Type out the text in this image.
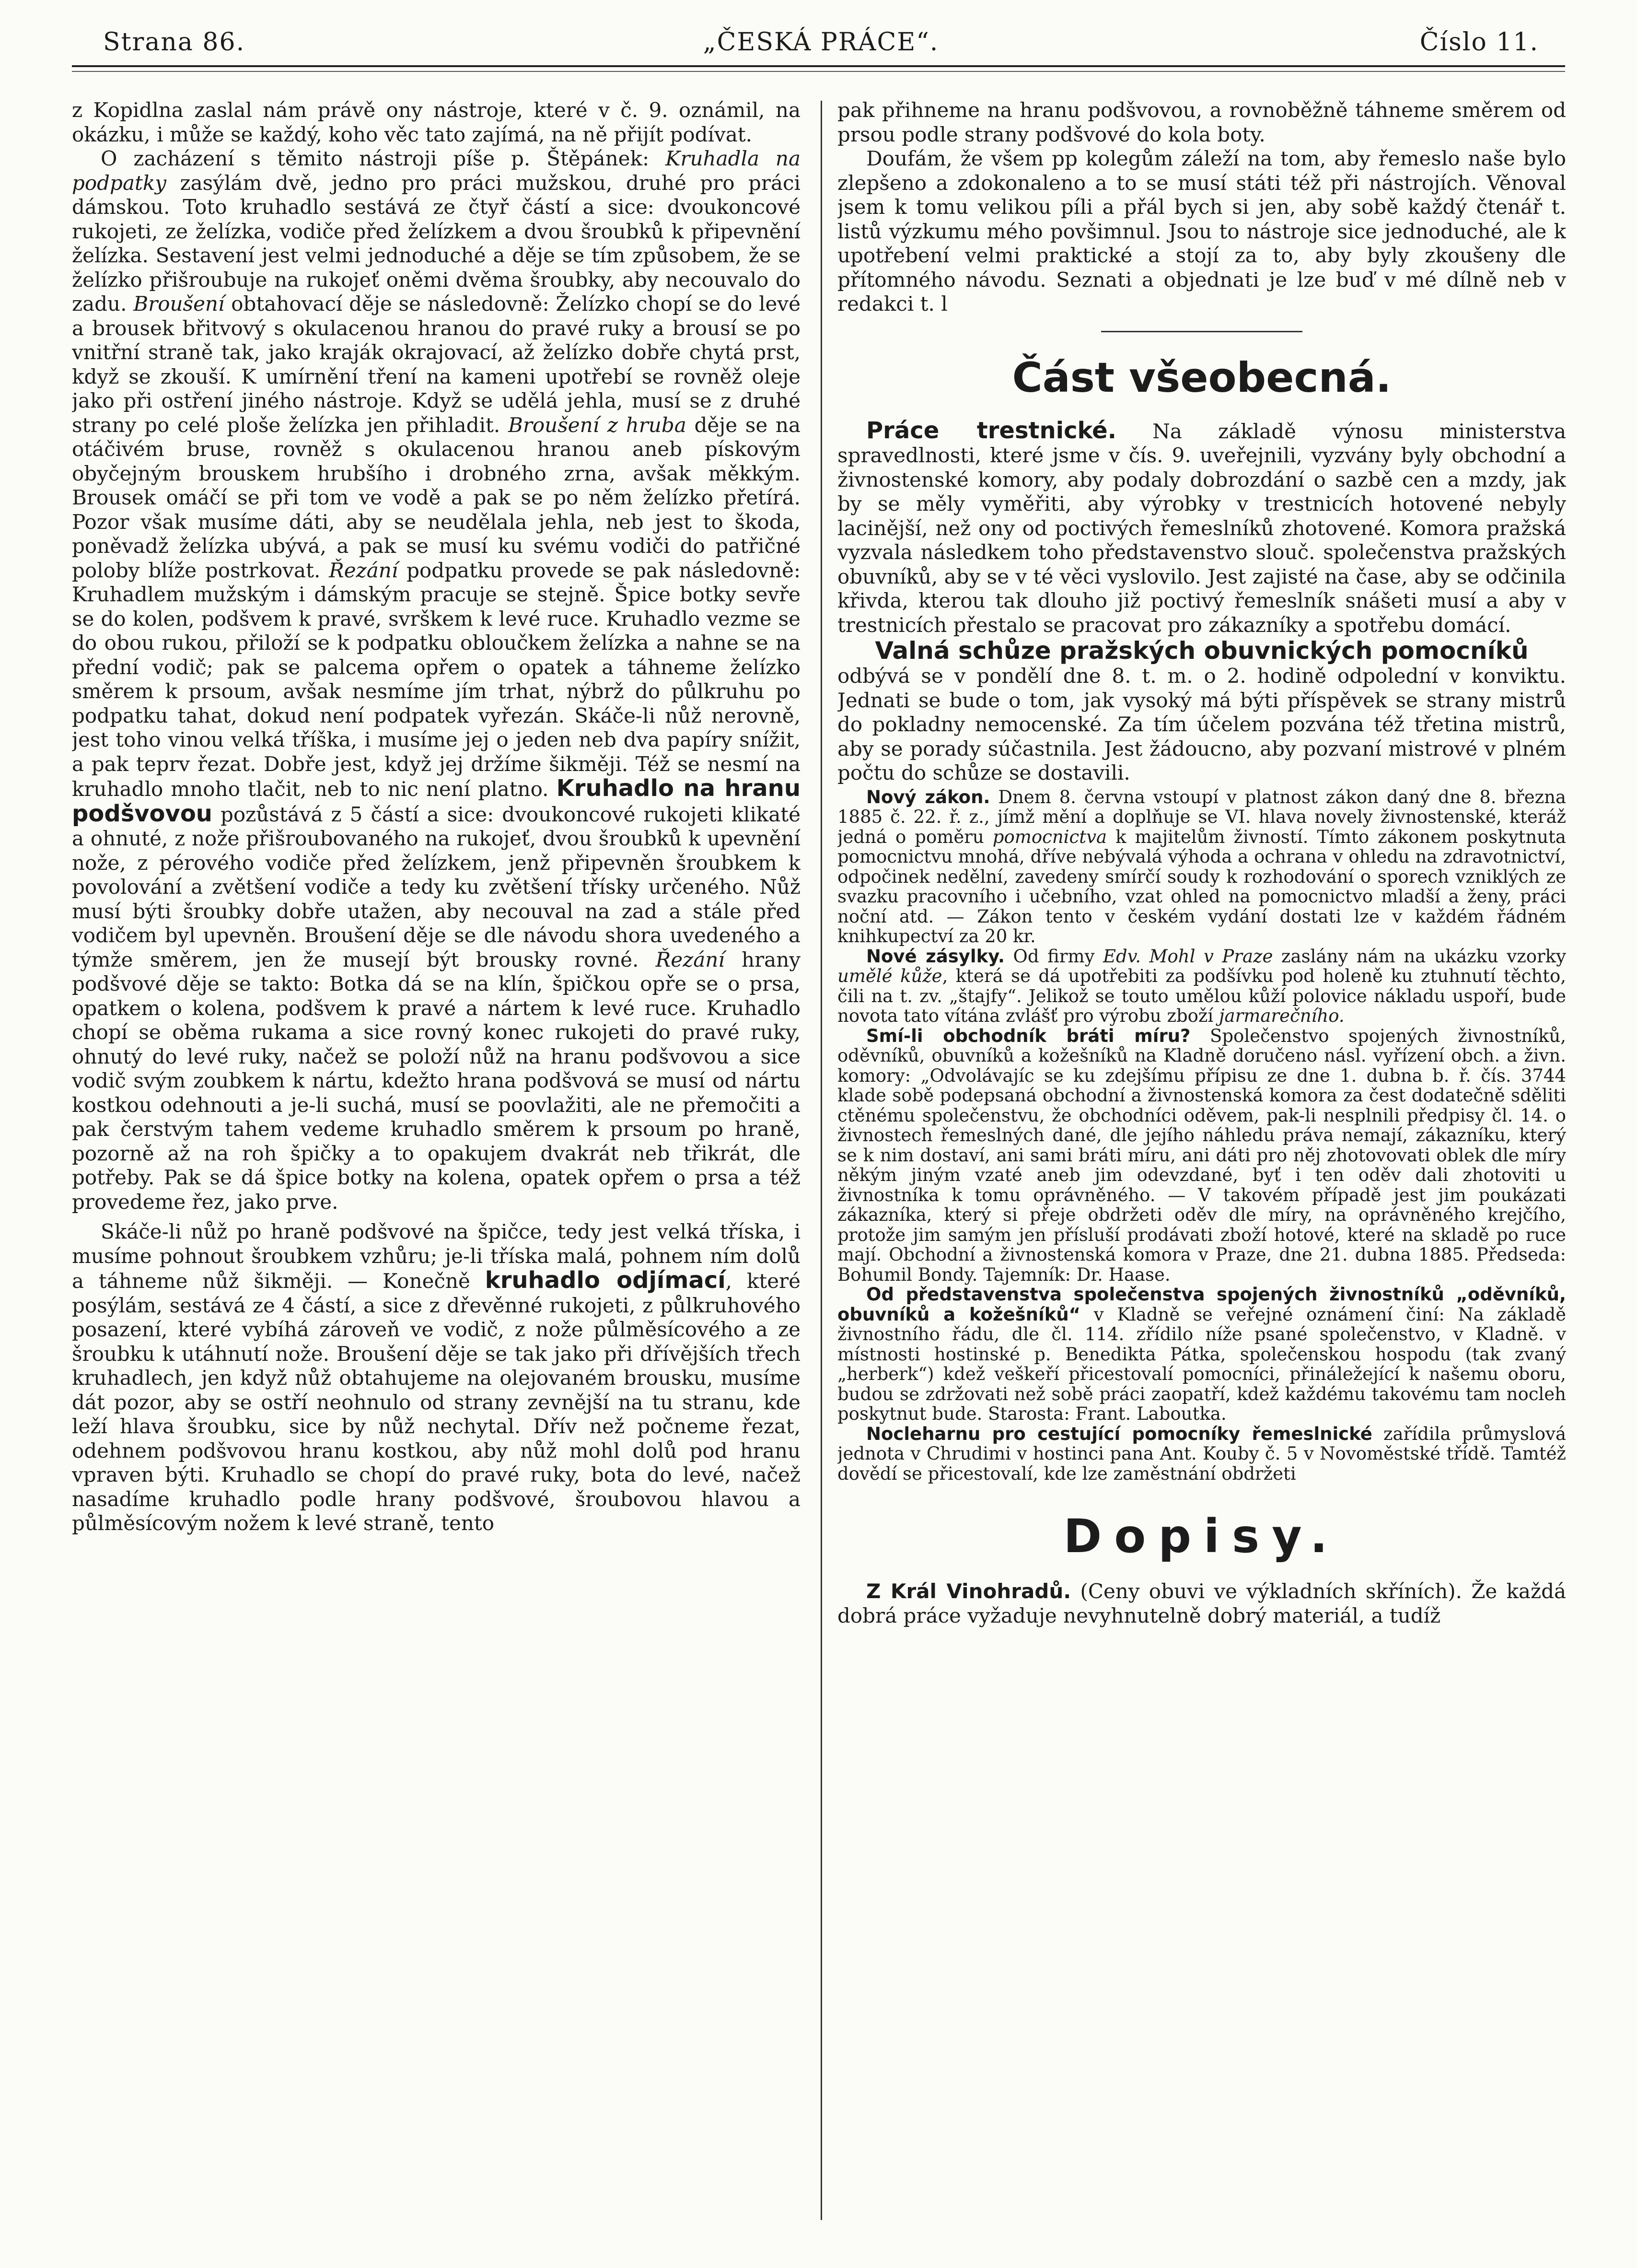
Strana 86.	„ČESKÁ PRÁCE“.	Číslo 11.

z Kopidlna zaslal nám právě ony nástroje, které v č. 9. oznámil, na okázku, i může se každý, koho věc tato zajímá, na ně přijít podívat.

O zacházení s těmito nástroji píše p. Štěpánek: Kruhadla na podpatky zasýlám dvě, jedno pro práci mužskou, druhé pro práci dámskou. Toto kruhadlo sestává ze čtyř částí a sice: dvoukoncové rukojeti, ze želízka, vodiče před želízkem a dvou šroubků k připevnění želízka. Sestavení jest velmi jednoduché a děje se tím způsobem, že se želízko přišroubuje na rukojeť oněmi dvěma šroubky, aby necouvalo do zadu. Broušení obtahovací děje se následovně: Želízko chopí se do levé a brousek břitvový s okulacenou hranou do pravé ruky a brousí se po vnitřní straně tak, jako kraják okrajovací, až želízko dobře chytá prst, když se zkouší. K umírnění tření na kameni upotřebí se rovněž oleje jako při ostření jiného nástroje. Když se udělá jehla, musí se z druhé strany po celé ploše želízka jen přihladit. Broušení z hruba děje se na otáčivém bruse, rovněž s okulacenou hranou aneb pískovým obyčejným brouskem hrubšího i drobného zrna, avšak měkkým. Brousek omáčí se při tom ve vodě a pak se po něm želízko přetírá. Pozor však musíme dáti, aby se neudělala jehla, neb jest to škoda, poněvadž želízka ubývá, a pak se musí ku svému vodiči do patřičné poloby blíže postrkovat. Řezání podpatku provede se pak následovně: Kruhadlem mužským i dámským pracuje se stejně. Špice botky sevře se do kolen, podšvem k pravé, svrškem k levé ruce. Kruhadlo vezme se do obou rukou, přiloží se k podpatku obloučkem želízka a nahne se na přední vodič; pak se palcema opřem o opatek a táhneme želízko směrem k prsoum, avšak nesmíme jím trhat, nýbrž do půlkruhu po podpatku tahat, dokud není podpatek vyřezán. Skáče-li nůž nerovně, jest toho vinou velká tříška, i musíme jej o jeden neb dva papíry snížit, a pak teprv řezat. Dobře jest, když jej držíme šikměji. Též se nesmí na kruhadlo mnoho tlačit, neb to nic není platno. Kruhadlo na hranu podšvovou pozůstává z 5 částí a sice: dvoukoncové rukojeti klikaté a ohnuté, z nože přišroubovaného na rukojeť, dvou šroubků k upevnění nože, z pérového vodiče před želízkem, jenž připevněn šroubkem k povolování a zvětšení vodiče a tedy ku zvětšení třísky určeného. Nůž musí býti šroubky dobře utažen, aby necouval na zad a stále před vodičem byl upevněn. Broušení děje se dle návodu shora uvedeného a týmže směrem, jen že musejí být brousky rovné. Řezání hrany podšvové děje se takto: Botka dá se na klín, špičkou opře se o prsa, opatkem o kolena, podšvem k pravé a nártem k levé ruce. Kruhadlo chopí se oběma rukama a sice rovný konec rukojeti do pravé ruky, ohnutý do levé ruky, načež se položí nůž na hranu podšvovou a sice vodič svým zoubkem k nártu, kdežto hrana podšvová se musí od nártu kostkou odehnouti a je-li suchá, musí se poovlažiti, ale ne přemočiti a pak čerstvým tahem vedeme kruhadlo směrem k prsoum po hraně, pozorně až na roh špičky a to opakujem dvakrát neb třikrát, dle potřeby. Pak se dá špice botky na kolena, opatek opřem o prsa a též provedeme řez, jako prve.

Skáče-li nůž po hraně podšvové na špičce, tedy jest velká tříska, i musíme pohnout šroubkem vzhůru; je-li tříska malá, pohnem ním dolů a táhneme nůž šikměji. — Konečně kruhadlo odjímací, které posýlám, sestává ze 4 částí, a sice z dřevěnné rukojeti, z půlkruhového posazení, které vybíhá zároveň ve vodič, z nože půlměsícového a ze šroubku k utáhnutí nože. Broušení děje se tak jako při dřívějších třech kruhadlech, jen když nůž obtahujeme na olejovaném brousku, musíme dát pozor, aby se ostří neohnulo od strany zevnější na tu stranu, kde leží hlava šroubku, sice by nůž nechytal. Dřív než počneme řezat, odehnem podšvovou hranu kostkou, aby nůž mohl dolů pod hranu vpraven býti. Kruhadlo se chopí do pravé ruky, bota do levé, načež nasadíme kruhadlo podle hrany podšvové, šroubovou hlavou a půlměsícovým nožem k levé straně, tento

pak přihneme na hranu podšvovou, a rovnoběžně táhneme směrem od prsou podle strany podšvové do kola boty.

Doufám, že všem pp kolegům záleží na tom, aby řemeslo naše bylo zlepšeno a zdokonaleno a to se musí státi též při nástrojích. Věnoval jsem k tomu velikou píli a přál bych si jen, aby sobě každý čtenář t. listů výzkumu mého povšimnul. Jsou to nástroje sice jednoduché, ale k upotřebení velmi praktické a stojí za to, aby byly zkoušeny dle přítomného návodu. Seznati a objednati je lze buď v mé dílně neb v redakci t. l

Část všeobecná.

Práce trestnické. Na základě výnosu ministerstva spravedlnosti, které jsme v čís. 9. uveřejnili, vyzvány byly obchodní a živnostenské komory, aby podaly dobrozdání o sazbě cen a mzdy, jak by se měly vyměřiti, aby výrobky v trestnicích hotovené nebyly lacinější, než ony od poctivých řemeslníků zhotovené. Komora pražská vyzvala následkem toho představenstvo slouč. společenstva pražských obuvníků, aby se v té věci vyslovilo. Jest zajisté na čase, aby se odčinila křivda, kterou tak dlouho již poctivý řemeslník snášeti musí a aby v trestnicích přestalo se pracovat pro zákazníky a spotřebu domácí.

Valná schůze pražských obuvnických pomocníků

odbývá se v pondělí dne 8. t. m. o 2. hodině odpolední v konviktu. Jednati se bude o tom, jak vysoký má býti příspěvek se strany mistrů do pokladny nemocenské. Za tím účelem pozvána též třetina mistrů, aby se porady súčastnila. Jest žádoucno, aby pozvaní mistrové v plném počtu do schůze se dostavili.

Nový zákon. Dnem 8. června vstoupí v platnost zákon daný dne 8. března 1885 č. 22. ř. z., jímž mění a doplňuje se VI. hlava novely živnostenské, kteráž jedná o poměru pomocnictva k majitelům živností. Tímto zákonem poskytnuta pomocnictvu mnohá, dříve nebývalá výhoda a ochrana v ohledu na zdravotnictví, odpočinek nedělní, zavedeny smírčí soudy k rozhodování o sporech vzniklých ze svazku pracovního i učebního, vzat ohled na pomocnictvo mladší a ženy, práci noční atd. — Zákon tento v českém vydání dostati lze v každém řádném knihkupectví za 20 kr.

Nové zásylky. Od firmy Edv. Mohl v Praze zaslány nám na ukázku vzorky umělé kůže, která se dá upotřebiti za podšívku pod holeně ku ztuhnutí těchto, čili na t. zv. „štajfy“. Jelikož se touto umělou kůží polovice nákladu uspoří, bude novota tato vítána zvlášť pro výrobu zboží jarmarečního.

Smí-li obchodník bráti míru? Společenstvo spojených živnostníků, oděvníků, obuvníků a kožešníků na Kladně doručeno násl. vyřízení obch. a živn. komory: „Odvolávajíc se ku zdejšímu přípisu ze dne 1. dubna b. ř. čís. 3744 klade sobě podepsaná obchodní a živnostenská komora za čest dodatečně sděliti ctěnému společenstvu, že obchodníci oděvem, pak-li nesplnili předpisy čl. 14. o živnostech řemeslných dané, dle jejího náhledu práva nemají, zákazníku, který se k nim dostaví, ani sami bráti míru, ani dáti pro něj zhotovovati oblek dle míry někým jiným vzaté aneb jim odevzdané, byť i ten oděv dali zhotoviti u živnostníka k tomu oprávněného. — V takovém případě jest jim poukázati zákazníka, který si přeje obdržeti oděv dle míry, na oprávněného krejčího, protože jim samým jen přísluší prodávati zboží hotové, které na skladě po ruce mají. Obchodní a živnostenská komora v Praze, dne 21. dubna 1885. Předseda: Bohumil Bondy. Tajemník: Dr. Haase.

Od představenstva společenstva spojených živnostníků „oděvníků, obuvníků a kožešníků“ v Kladně se veřejné oznámení činí: Na základě živnostního řádu, dle čl. 114. zřídilo níže psané společenstvo, v Kladně. v místnosti hostinské p. Benedikta Pátka, společenskou hospodu (tak zvaný „herberk“) kdež veškeří přicestovalí pomocníci, přináležející k našemu oboru, budou se zdržovati než sobě práci zaopatří, kdež každému takovému tam nocleh poskytnut bude. Starosta: Frant. Laboutka.

Nocleharnu pro cestující pomocníky řemeslnické zařídila průmyslová jednota v Chrudimi v hostinci pana Ant. Kouby č. 5 v Novoměstské třídě. Tamtéž dovědí se přicestovalí, kde lze zaměstnání obdržeti

Dopisy.

Z Král Vinohradů. (Ceny obuvi ve výkladních skříních). Že každá dobrá práce vyžaduje nevyhnutelně dobrý materiál, a tudíž
